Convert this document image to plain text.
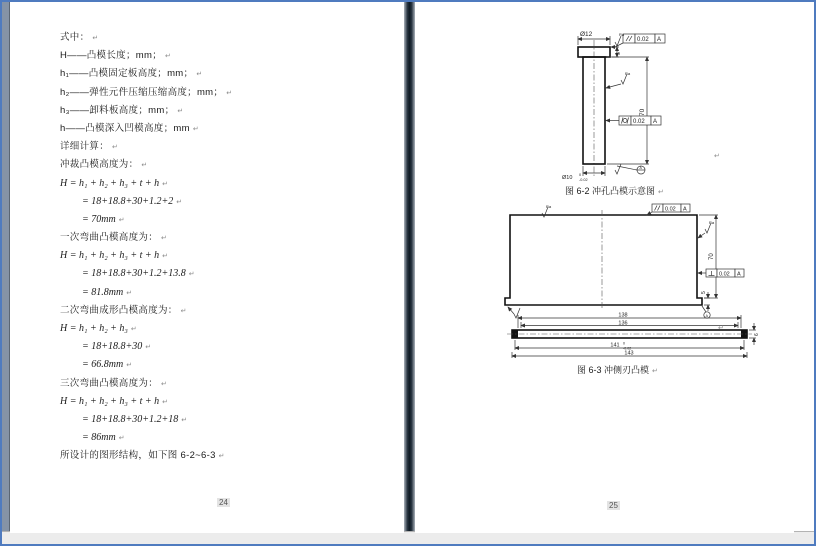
式中： ↵
H——凸模长度；mm； ↵
h₁——凸模固定板高度；mm； ↵
h₂——弹性元件压缩压缩高度；mm； ↵
h₃——卸料板高度；mm； ↵
h——凸模深入凹模高度；mm ↵
详细计算： ↵
冲裁凸模高度为： ↵
H = h₁ + h₂ + h₃ + t + h ↵
= 18+18.8+30+1.2+2 ↵
= 70mm ↵
一次弯曲凸模高度为： ↵
H = h₁ + h₂ + h₃ + t + h ↵
= 18+18.8+30+1.2+13.8 ↵
= 81.8mm ↵
二次弯曲成形凸模高度为： ↵
H = h₁ + h₂ + h₃ ↵
= 18+18.8+30 ↵
= 66.8mm ↵
三次弯曲凸模高度为： ↵
H = h₁ + h₂ + h₃ + t + h ↵
= 18+18.8+30+1.2+18 ↵
= 86mm ↵
所设计的图形结构，如下图 6-2~6-3 ↵
24
Ø12
0.02 A
Ra
5
Ra
70
0.02 A
Ø10 0
-0.02
A
图 6-2 冲孔凸模示意图 ↵
↵
Ra	0.02 A
Ra
70
0.02 A
5
A
138
136
141 0
-0.02
143
6
图 6-3 冲侧刃凸模 ↵
↵
25
